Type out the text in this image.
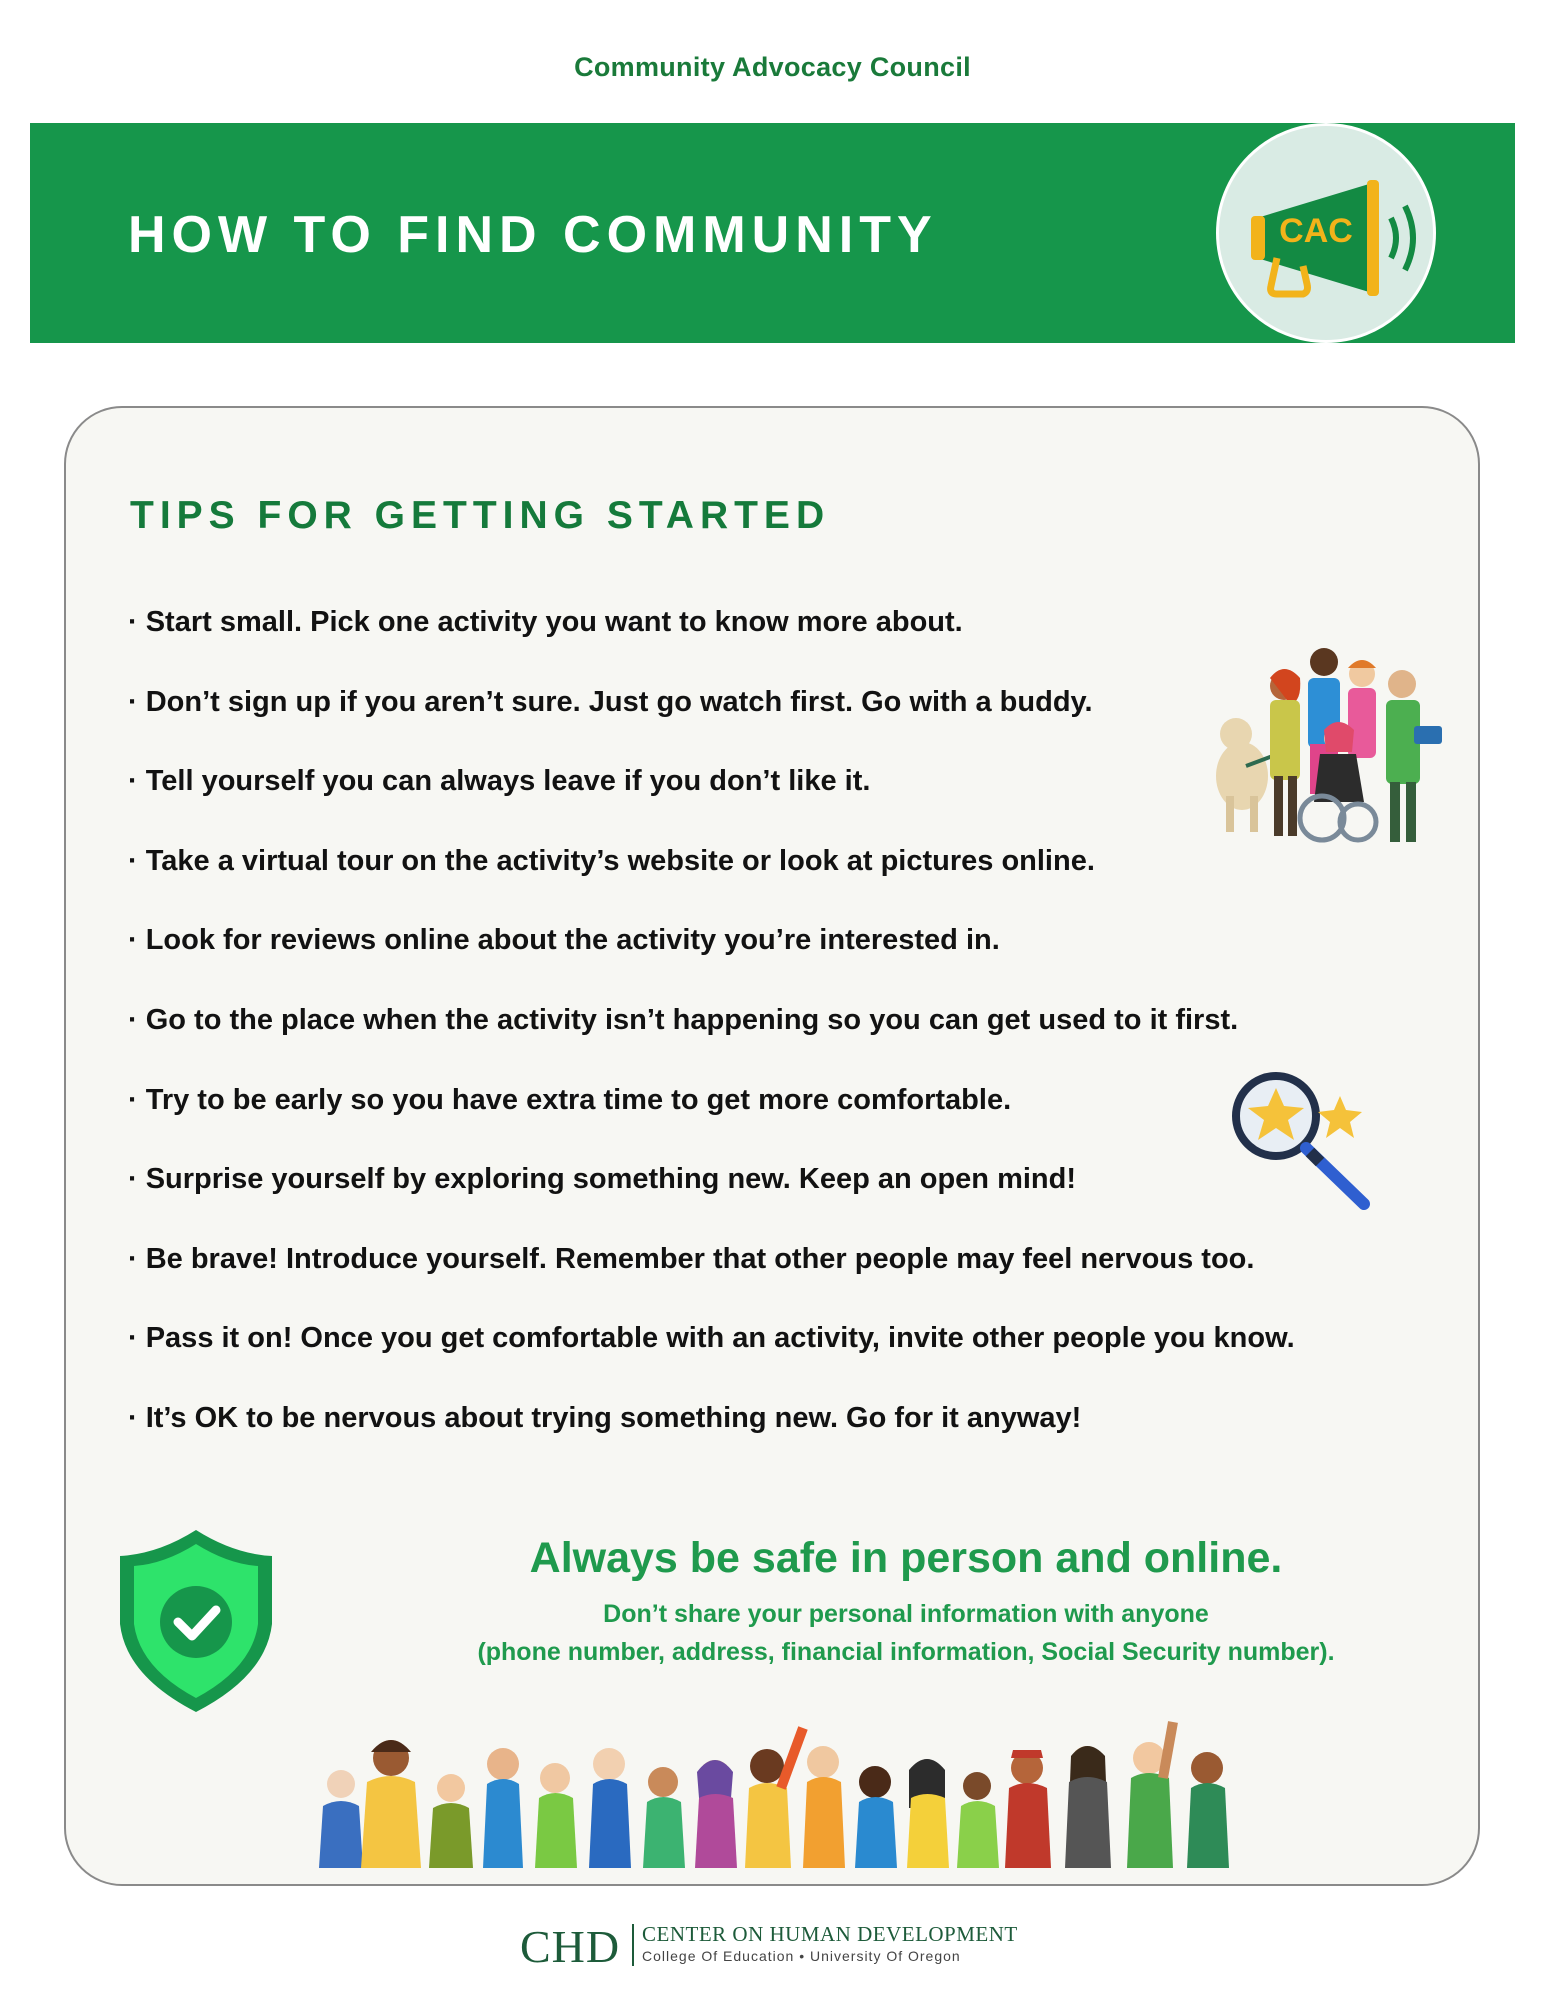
Community Advocacy Council
HOW TO FIND COMMUNITY	CAC
TIPS FOR GETTING STARTED
· Start small. Pick one activity you want to know more about.
· Don’t sign up if you aren’t sure. Just go watch first. Go with a buddy.
· Tell yourself you can always leave if you don’t like it.
· Take a virtual tour on the activity’s website or look at pictures online.
· Look for reviews online about the activity you’re interested in.
· Go to the place when the activity isn’t happening so you can get used to it first.
· Try to be early so you have extra time to get more comfortable.
· Surprise yourself by exploring something new. Keep an open mind!
· Be brave! Introduce yourself. Remember that other people may feel nervous too.
· Pass it on! Once you get comfortable with an activity, invite other people you know.
· It’s OK to be nervous about trying something new. Go for it anyway!
Always be safe in person and online.
Don’t share your personal information with anyone
(phone number, address, financial information, Social Security number).
CHD CENTER ON HUMAN DEVELOPMENT
College Of Education • University Of Oregon
